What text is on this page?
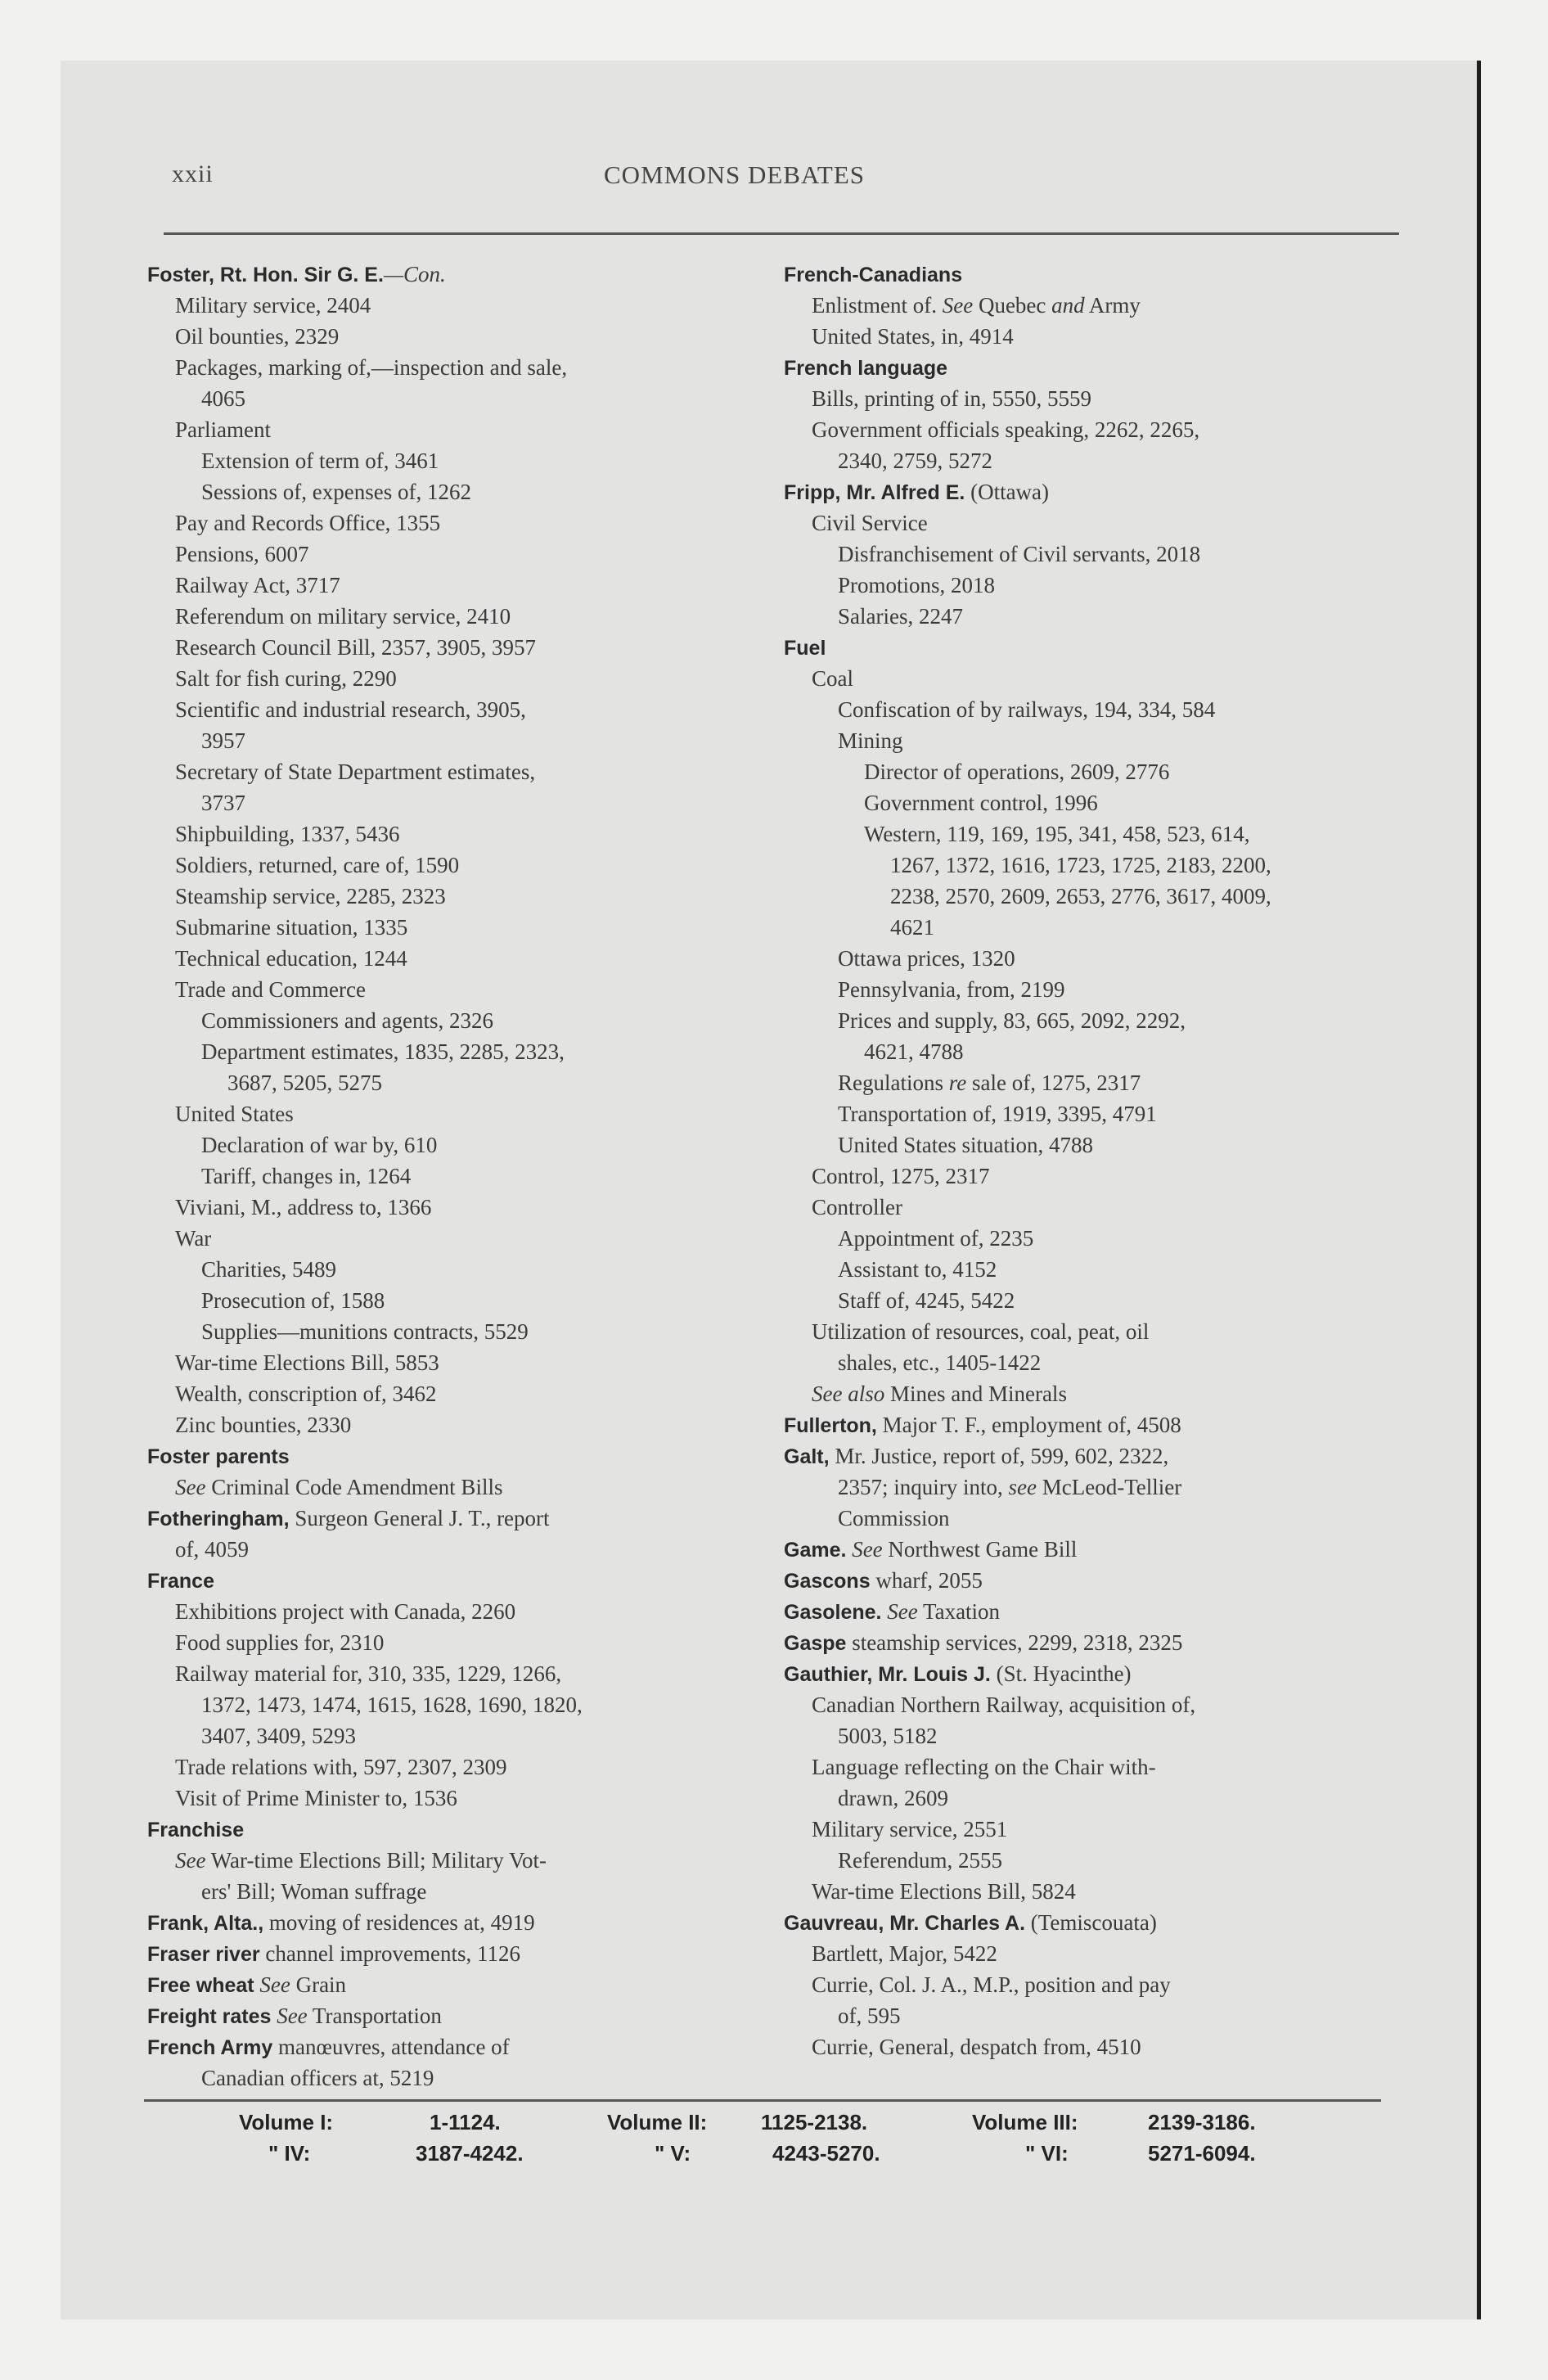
xxii	COMMONS DEBATES
Foster, Rt. Hon. Sir G. E.—Con.
Military service, 2404
Oil bounties, 2329
Packages, marking of,—inspection and sale,
4065
Parliament
Extension of term of, 3461
Sessions of, expenses of, 1262
Pay and Records Office, 1355
Pensions, 6007
Railway Act, 3717
Referendum on military service, 2410
Research Council Bill, 2357, 3905, 3957
Salt for fish curing, 2290
Scientific and industrial research, 3905,
3957
Secretary of State Department estimates,
3737
Shipbuilding, 1337, 5436
Soldiers, returned, care of, 1590
Steamship service, 2285, 2323
Submarine situation, 1335
Technical education, 1244
Trade and Commerce
Commissioners and agents, 2326
Department estimates, 1835, 2285, 2323,
3687, 5205, 5275
United States
Declaration of war by, 610
Tariff, changes in, 1264
Viviani, M., address to, 1366
War
Charities, 5489
Prosecution of, 1588
Supplies—munitions contracts, 5529
War-time Elections Bill, 5853
Wealth, conscription of, 3462
Zinc bounties, 2330
Foster parents
See Criminal Code Amendment Bills
Fotheringham, Surgeon General J. T., report
of, 4059
France
Exhibitions project with Canada, 2260
Food supplies for, 2310
Railway material for, 310, 335, 1229, 1266,
1372, 1473, 1474, 1615, 1628, 1690, 1820,
3407, 3409, 5293
Trade relations with, 597, 2307, 2309
Visit of Prime Minister to, 1536
Franchise
See War-time Elections Bill; Military Vot-
ers' Bill; Woman suffrage
Frank, Alta., moving of residences at, 4919
Fraser river channel improvements, 1126
Free wheat See Grain
Freight rates See Transportation
French Army manœuvres, attendance of
Canadian officers at, 5219
French-Canadians
Enlistment of. See Quebec and Army
United States, in, 4914
French language
Bills, printing of in, 5550, 5559
Government officials speaking, 2262, 2265,
2340, 2759, 5272
Fripp, Mr. Alfred E. (Ottawa)
Civil Service
Disfranchisement of Civil servants, 2018
Promotions, 2018
Salaries, 2247
Fuel
Coal
Confiscation of by railways, 194, 334, 584
Mining
Director of operations, 2609, 2776
Government control, 1996
Western, 119, 169, 195, 341, 458, 523, 614,
1267, 1372, 1616, 1723, 1725, 2183, 2200,
2238, 2570, 2609, 2653, 2776, 3617, 4009,
4621
Ottawa prices, 1320
Pennsylvania, from, 2199
Prices and supply, 83, 665, 2092, 2292,
4621, 4788
Regulations re sale of, 1275, 2317
Transportation of, 1919, 3395, 4791
United States situation, 4788
Control, 1275, 2317
Controller
Appointment of, 2235
Assistant to, 4152
Staff of, 4245, 5422
Utilization of resources, coal, peat, oil
shales, etc., 1405-1422
See also Mines and Minerals
Fullerton, Major T. F., employment of, 4508
Galt, Mr. Justice, report of, 599, 602, 2322,
2357; inquiry into, see McLeod-Tellier
Commission
Game. See Northwest Game Bill
Gascons wharf, 2055
Gasolene. See Taxation
Gaspe steamship services, 2299, 2318, 2325
Gauthier, Mr. Louis J. (St. Hyacinthe)
Canadian Northern Railway, acquisition of,
5003, 5182
Language reflecting on the Chair with-
drawn, 2609
Military service, 2551
Referendum, 2555
War-time Elections Bill, 5824
Gauvreau, Mr. Charles A. (Temiscouata)
Bartlett, Major, 5422
Currie, Col. J. A., M.P., position and pay
of, 595
Currie, General, despatch from, 4510
Volume I:	1-1124.	Volume II:	1125-2138.	Volume III:	2139-3186.
" IV:	3187-4242.	" V:	4243-5270.	" VI:	5271-6094.
